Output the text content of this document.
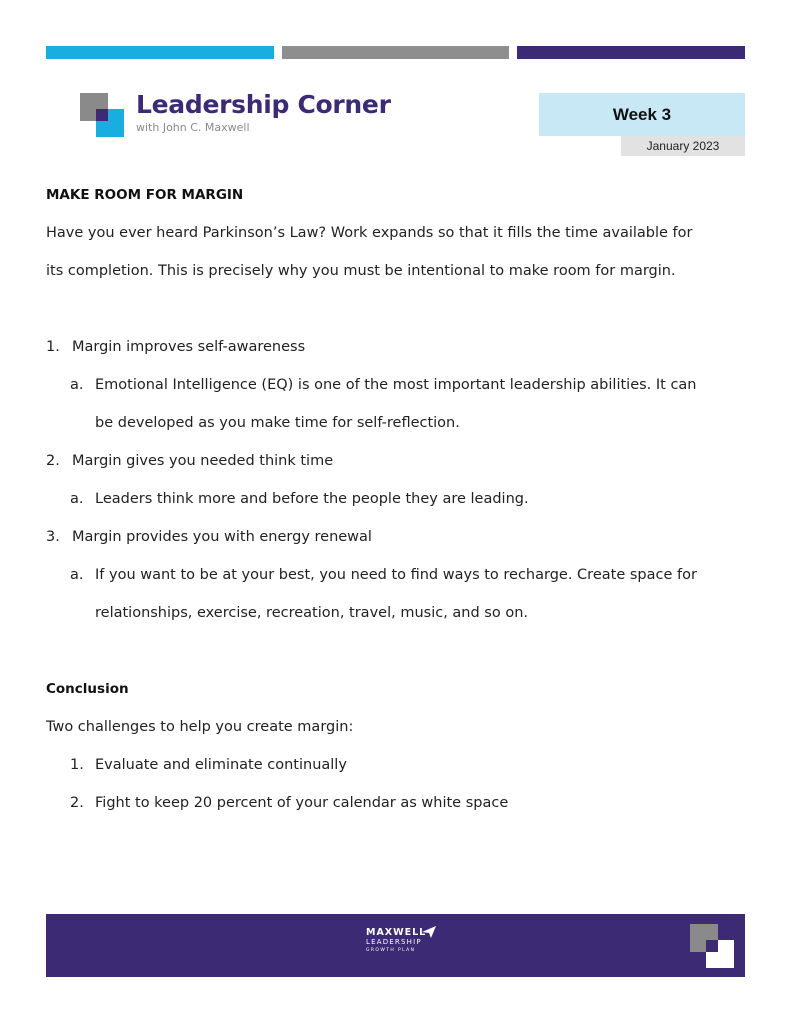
Leadership Corner
with John C. Maxwell
Week 3
January 2023
MAKE ROOM FOR MARGIN
Have you ever heard Parkinson’s Law? Work expands so that it fills the time available for
its completion. This is precisely why you must be intentional to make room for margin.
1. Margin improves self-awareness
a. Emotional Intelligence (EQ) is one of the most important leadership abilities. It can
be developed as you make time for self-reflection.
2. Margin gives you needed think time
a. Leaders think more and before the people they are leading.
3. Margin provides you with energy renewal
a. If you want to be at your best, you need to find ways to recharge. Create space for
relationships, exercise, recreation, travel, music, and so on.
Conclusion
Two challenges to help you create margin:
1. Evaluate and eliminate continually
2. Fight to keep 20 percent of your calendar as white space
MAXWELL
LEADERSHIP
GROWTH PLAN
